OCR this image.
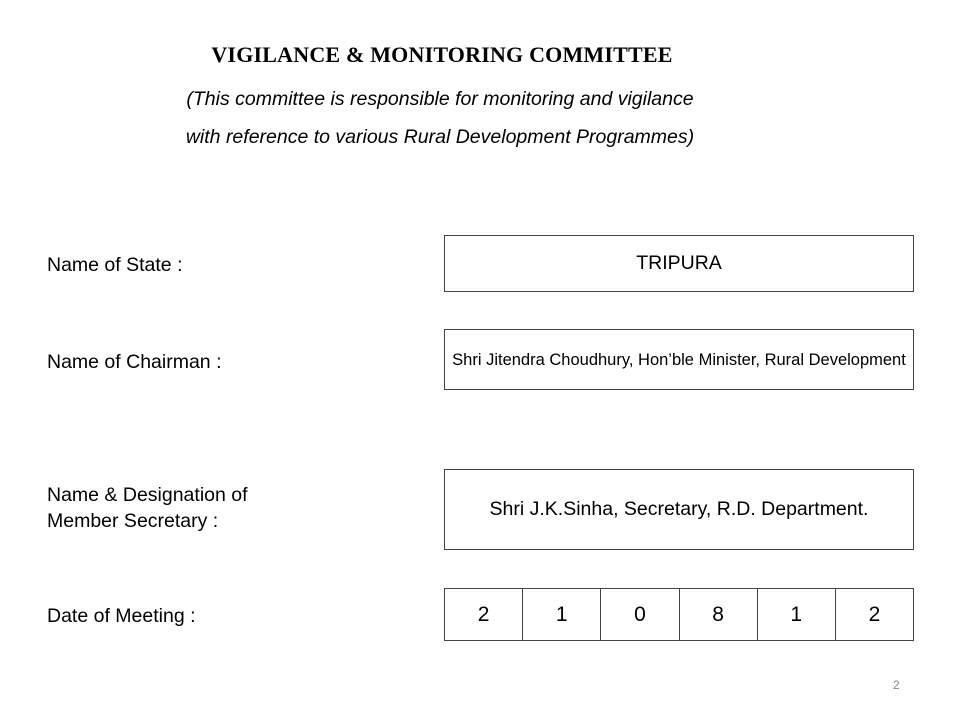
VIGILANCE & MONITORING COMMITTEE
(This committee is responsible for monitoring and vigilance
with reference to various Rural Development Programmes)
Name of State :	TRIPURA
Name of Chairman :	Shri Jitendra Choudhury, Hon’ble Minister, Rural Development
Name & Designation of
Member Secretary :
Shri J.K.Sinha, Secretary, R.D. Department.
Date of Meeting :	2	1	0	8	1	2
2
